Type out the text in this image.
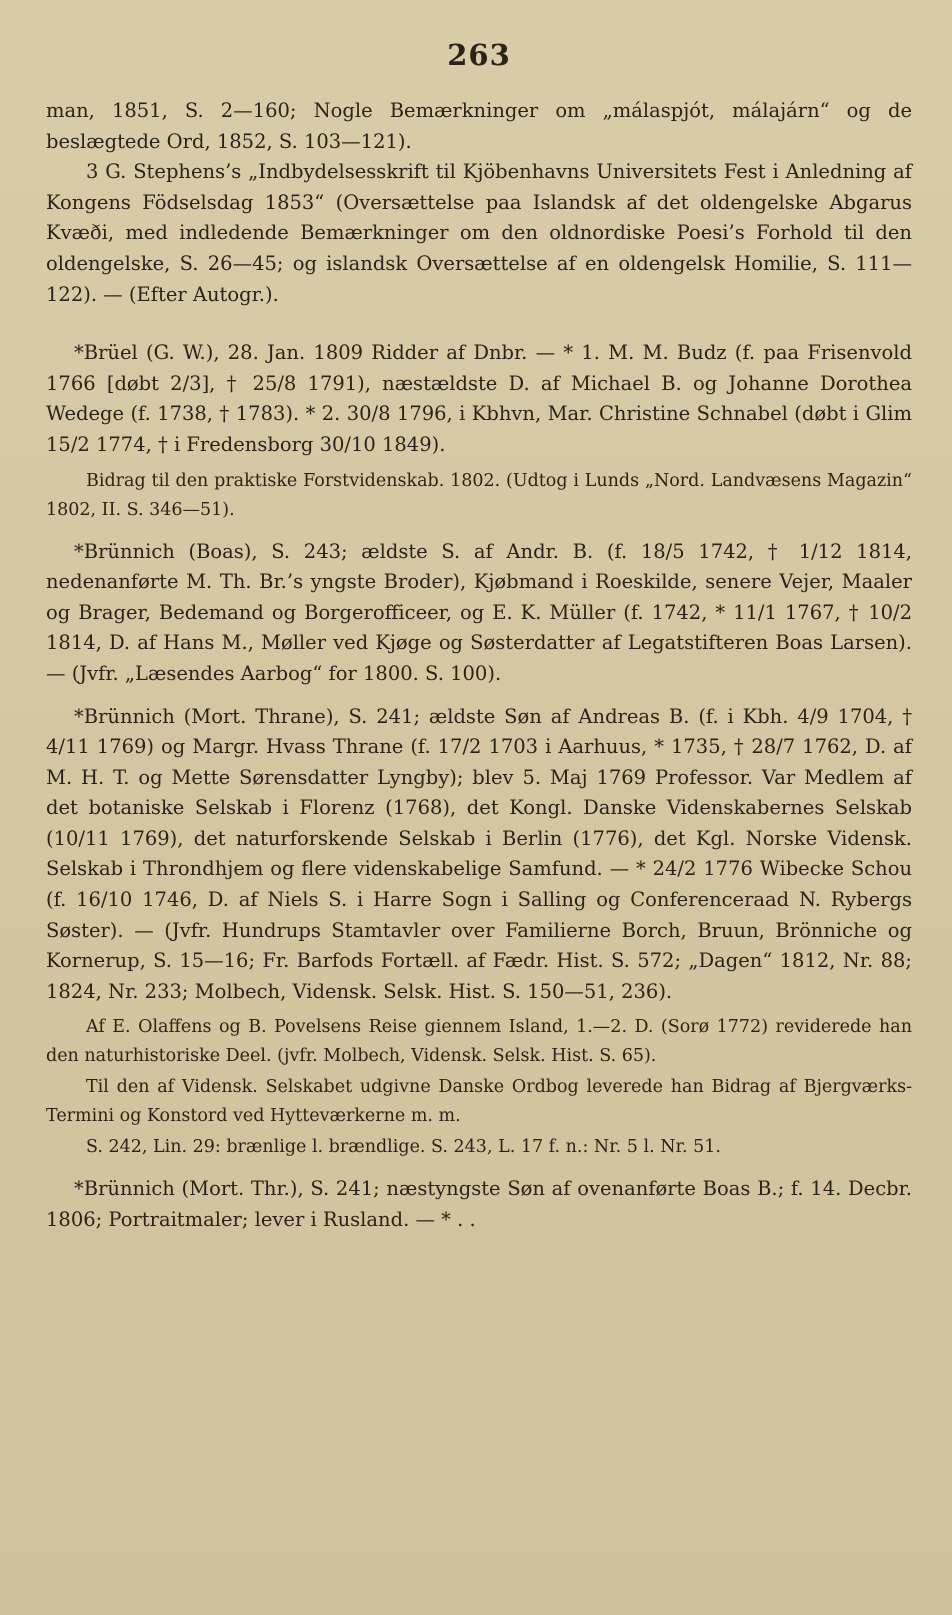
263

man, 1851, S. 2—160; Nogle Bemærkninger om „málaspjót, málajárn“ og de beslægtede Ord, 1852, S. 103—121).

3 G. Stephens’s „Indbydelsesskrift til Kjöbenhavns Universitets Fest i Anledning af Kongens Födselsdag 1853“ (Oversættelse paa Islandsk af det oldengelske Abgarus Kvæði, med indledende Bemærkninger om den oldnordiske Poesi’s Forhold til den oldengelske, S. 26—45; og islandsk Oversættelse af en oldengelsk Homilie, S. 111—122). — (Efter Autogr.).

*Brüel (G. W.), 28. Jan. 1809 Ridder af Dnbr. — * 1. M. M. Budz (f. paa Frisenvold 1766 [døbt 2/3], † 25/8 1791), næstældste D. af Michael B. og Johanne Dorothea Wedege (f. 1738, † 1783). * 2. 30/8 1796, i Kbhvn, Mar. Christine Schnabel (døbt i Glim 15/2 1774, † i Fredensborg 30/10 1849).

Bidrag til den praktiske Forstvidenskab. 1802. (Udtog i Lunds „Nord. Landvæsens Magazin“ 1802, II. S. 346—51).

*Brünnich (Boas), S. 243; ældste S. af Andr. B. (f. 18/5 1742, † 1/12 1814, nedenanførte M. Th. Br.’s yngste Broder), Kjøbmand i Roeskilde, senere Vejer, Maaler og Brager, Bedemand og Borgerofficeer, og E. K. Müller (f. 1742, * 11/1 1767, † 10/2 1814, D. af Hans M., Møller ved Kjøge og Søsterdatter af Legatstifteren Boas Larsen). — (Jvfr. „Læsendes Aarbog“ for 1800. S. 100).

*Brünnich (Mort. Thrane), S. 241; ældste Søn af Andreas B. (f. i Kbh. 4/9 1704, † 4/11 1769) og Margr. Hvass Thrane (f. 17/2 1703 i Aarhuus, * 1735, † 28/7 1762, D. af M. H. T. og Mette Sørensdatter Lyngby); blev 5. Maj 1769 Professor. Var Medlem af det botaniske Selskab i Florenz (1768), det Kongl. Danske Videnskabernes Selskab (10/11 1769), det naturforskende Selskab i Berlin (1776), det Kgl. Norske Vidensk. Selskab i Throndhjem og flere videnskabelige Samfund. — * 24/2 1776 Wibecke Schou (f. 16/10 1746, D. af Niels S. i Harre Sogn i Salling og Conferenceraad N. Rybergs Søster). — (Jvfr. Hundrups Stamtavler over Familierne Borch, Bruun, Brönniche og Kornerup, S. 15—16; Fr. Barfods Fortæll. af Fædr. Hist. S. 572; „Dagen“ 1812, Nr. 88; 1824, Nr. 233; Molbech, Vidensk. Selsk. Hist. S. 150—51, 236).

Af E. Olaffens og B. Povelsens Reise giennem Island, 1.—2. D. (Sorø 1772) reviderede han den naturhistoriske Deel. (jvfr. Molbech, Vidensk. Selsk. Hist. S. 65).

Til den af Vidensk. Selskabet udgivne Danske Ordbog leverede han Bidrag af Bjergværks-Termini og Konstord ved Hytteværkerne m. m.

S. 242, Lin. 29: brænlige l. brændlige. S. 243, L. 17 f. n.: Nr. 5 l. Nr. 51.

*Brünnich (Mort. Thr.), S. 241; næstyngste Søn af ovenanførte Boas B.; f. 14. Decbr. 1806; Portraitmaler; lever i Rusland. — * . .
